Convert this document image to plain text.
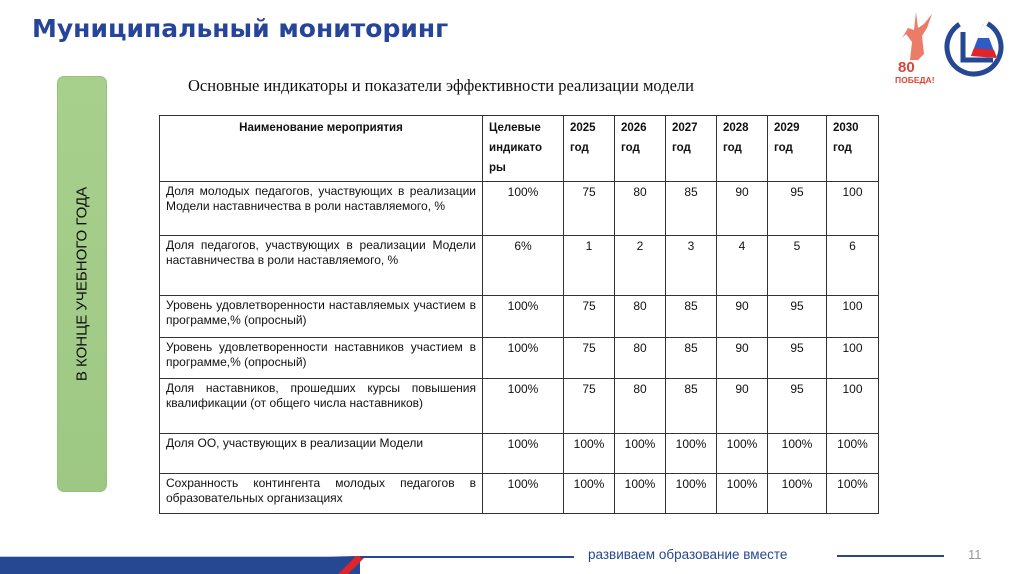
Муниципальный мониторинг
80
ПОБЕДА!
В КОНЦЕ УЧЕБНОГО ГОДА
Основные индикаторы и показатели эффективности реализации модели
Наименование мероприятия	Целевые индикато ры	2025 год	2026 год	2027 год	2028 год	2029 год	2030 год
Доля молодых педагогов, участвующих в реализации Модели наставничества в роли наставляемого, %	100%	75	80	85	90	95	100
Доля педагогов, участвующих в реализации Модели наставничества в роли наставляемого, %	6%	1	2	3	4	5	6
Уровень удовлетворенности наставляемых участием в программе,% (опросный)	100%	75	80	85	90	95	100
Уровень удовлетворенности наставников участием в программе,% (опросный)	100%	75	80	85	90	95	100
Доля наставников, прошедших курсы повышения квалификации (от общего числа наставников)	100%	75	80	85	90	95	100
Доля ОО, участвующих в реализации Модели	100%	100%	100%	100%	100%	100%	100%
Сохранность контингента молодых педагогов в образовательных организациях	100%	100%	100%	100%	100%	100%	100%
развиваем образование вместе	11
